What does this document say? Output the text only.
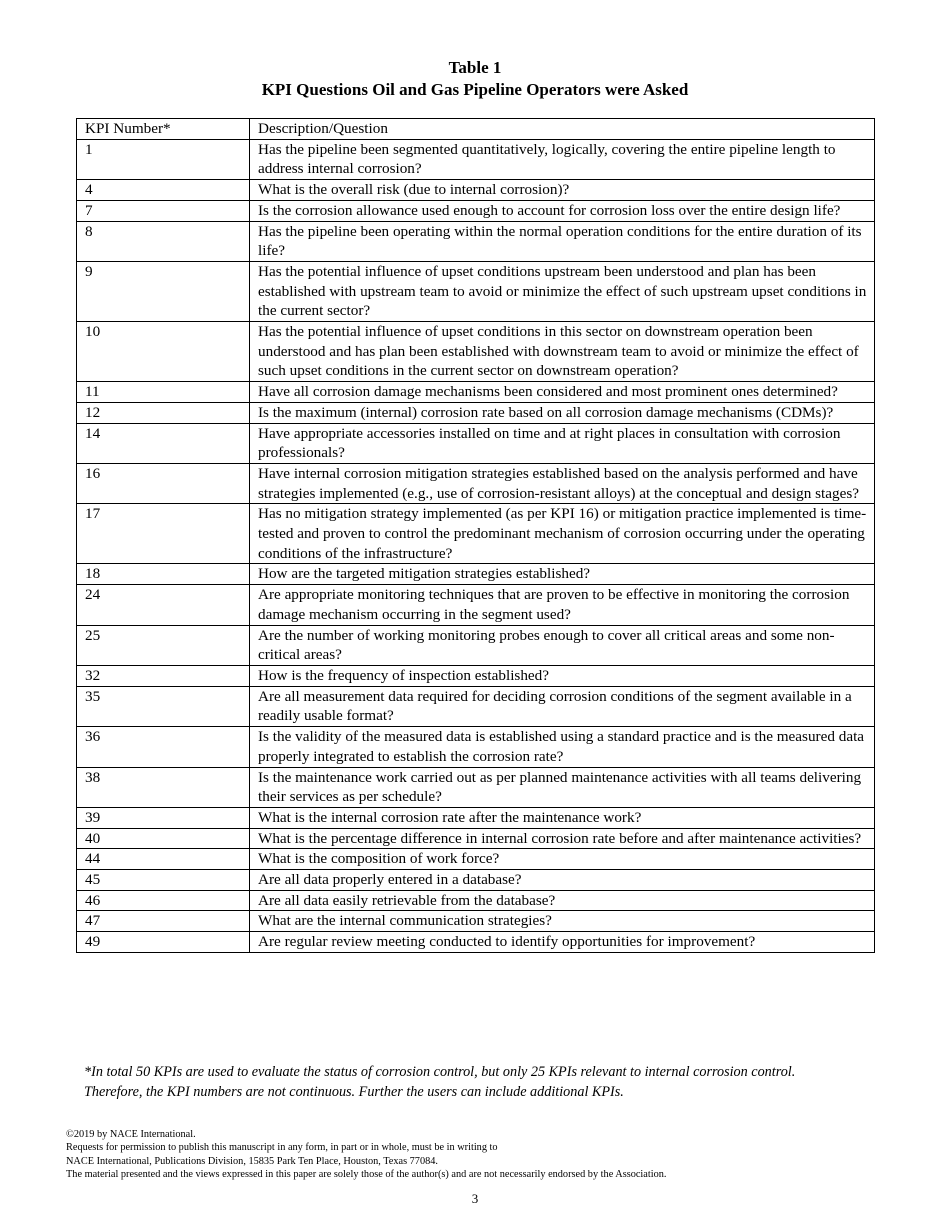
Table 1
KPI Questions Oil and Gas Pipeline Operators were Asked
KPI Number*	Description/Question
1	Has the pipeline been segmented quantitatively, logically, covering the entire pipeline length to address internal corrosion?
4	What is the overall risk (due to internal corrosion)?
7	Is the corrosion allowance used enough to account for corrosion loss over the entire design life?
8	Has the pipeline been operating within the normal operation conditions for the entire duration of its life?
9	Has the potential influence of upset conditions upstream been understood and plan has been established with upstream team to avoid or minimize the effect of such upstream upset conditions in the current sector?
10	Has the potential influence of upset conditions in this sector on downstream operation been understood and has plan been established with downstream team to avoid or minimize the effect of such upset conditions in the current sector on downstream operation?
11	Have all corrosion damage mechanisms been considered and most prominent ones determined?
12	Is the maximum (internal) corrosion rate based on all corrosion damage mechanisms (CDMs)?
14	Have appropriate accessories installed on time and at right places in consultation with corrosion professionals?
16	Have internal corrosion mitigation strategies established based on the analysis performed and have strategies implemented (e.g., use of corrosion-resistant alloys) at the conceptual and design stages?
17	Has no mitigation strategy implemented (as per KPI 16) or mitigation practice implemented is time-tested and proven to control the predominant mechanism of corrosion occurring under the operating conditions of the infrastructure?
18	How are the targeted mitigation strategies established?
24	Are appropriate monitoring techniques that are proven to be effective in monitoring the corrosion damage mechanism occurring in the segment used?
25	Are the number of working monitoring probes enough to cover all critical areas and some non-critical areas?
32	How is the frequency of inspection established?
35	Are all measurement data required for deciding corrosion conditions of the segment available in a readily usable format?
36	Is the validity of the measured data is established using a standard practice and is the measured data properly integrated to establish the corrosion rate?
38	Is the maintenance work carried out as per planned maintenance activities with all teams delivering their services as per schedule?
39	What is the internal corrosion rate after the maintenance work?
40	What is the percentage difference in internal corrosion rate before and after maintenance activities?
44	What is the composition of work force?
45	Are all data properly entered in a database?
46	Are all data easily retrievable from the database?
47	What are the internal communication strategies?
49	Are regular review meeting conducted to identify opportunities for improvement?
*In total 50 KPIs are used to evaluate the status of corrosion control, but only 25 KPIs relevant to internal corrosion control.
Therefore, the KPI numbers are not continuous. Further the users can include additional KPIs.
©2019 by NACE International.
Requests for permission to publish this manuscript in any form, in part or in whole, must be in writing to
NACE International, Publications Division, 15835 Park Ten Place, Houston, Texas 77084.
The material presented and the views expressed in this paper are solely those of the author(s) and are not necessarily endorsed by the Association.
3
